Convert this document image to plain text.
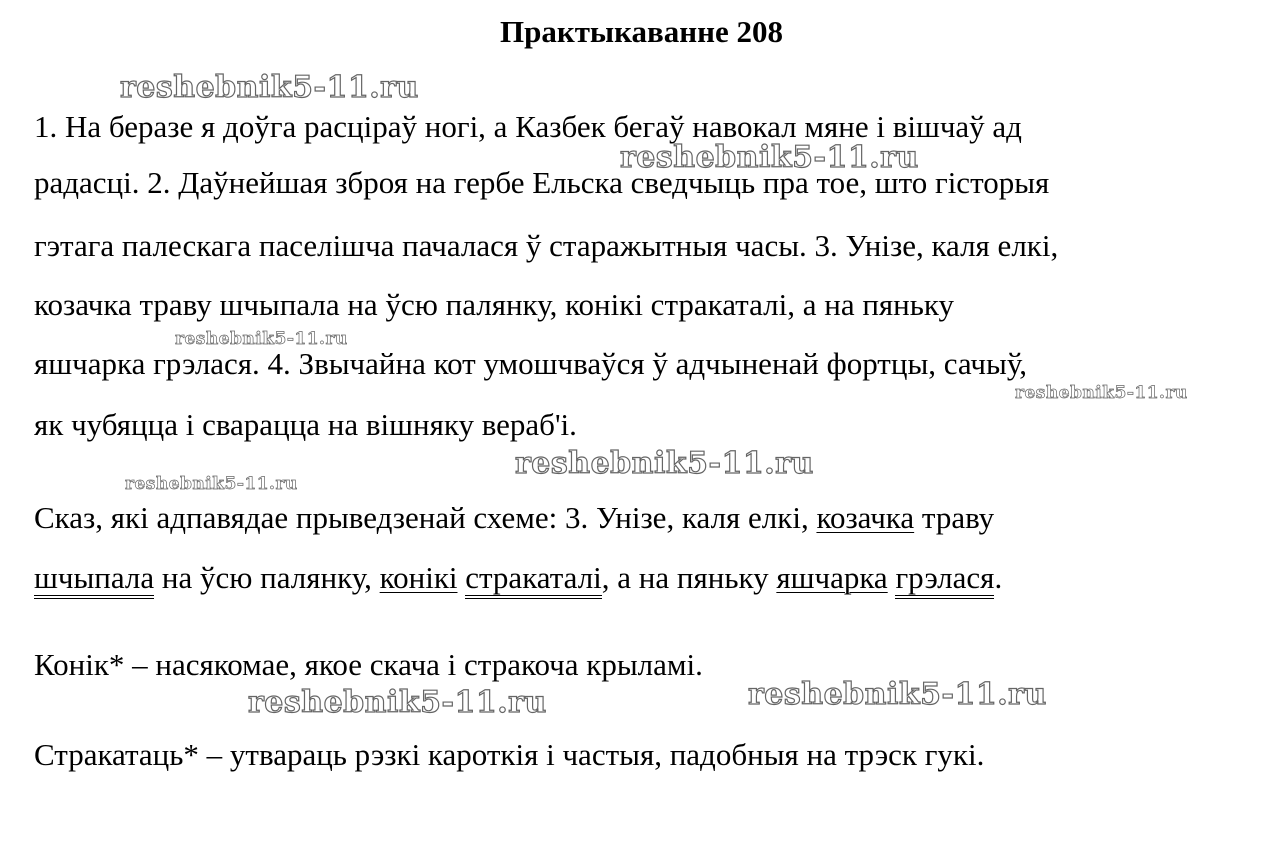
Практыкаванне 208
1. На беразе я доўга расціраў ногі, а Казбек бегаў навокал мяне і вішчаў ад
радасці. 2. Даўнейшая зброя на гербе Ельска сведчыць пра тое, што гісторыя
гэтага палескага паселішча пачалася ў старажытныя часы. 3. Унізе, каля елкі,
козачка траву шчыпала на ўсю палянку, конікі стракаталі, а на пяньку
яшчарка грэлася. 4. Звычайна кот умошчваўся ў адчыненай фортцы, сачыў,
як чубяцца і сварацца на вішняку вераб'і.
Сказ, які адпавядае прыведзенай схеме: 3. Унізе, каля елкі, козачка траву
шчыпала на ўсю палянку, конікі стракаталі, а на пяньку яшчарка грэлася.
Конік* – насякомае, якое скача і стракоча крыламі.
Стракатаць* – утвараць рэзкі кароткія і частыя, падобныя на трэск гукі.
reshebnik5-11.ru
reshebnik5-11.ru
reshebnik5-11.ru
reshebnik5-11.ru
reshebnik5-11.ru
reshebnik5-11.ru
reshebnik5-11.ru	reshebnik5-11.ru
